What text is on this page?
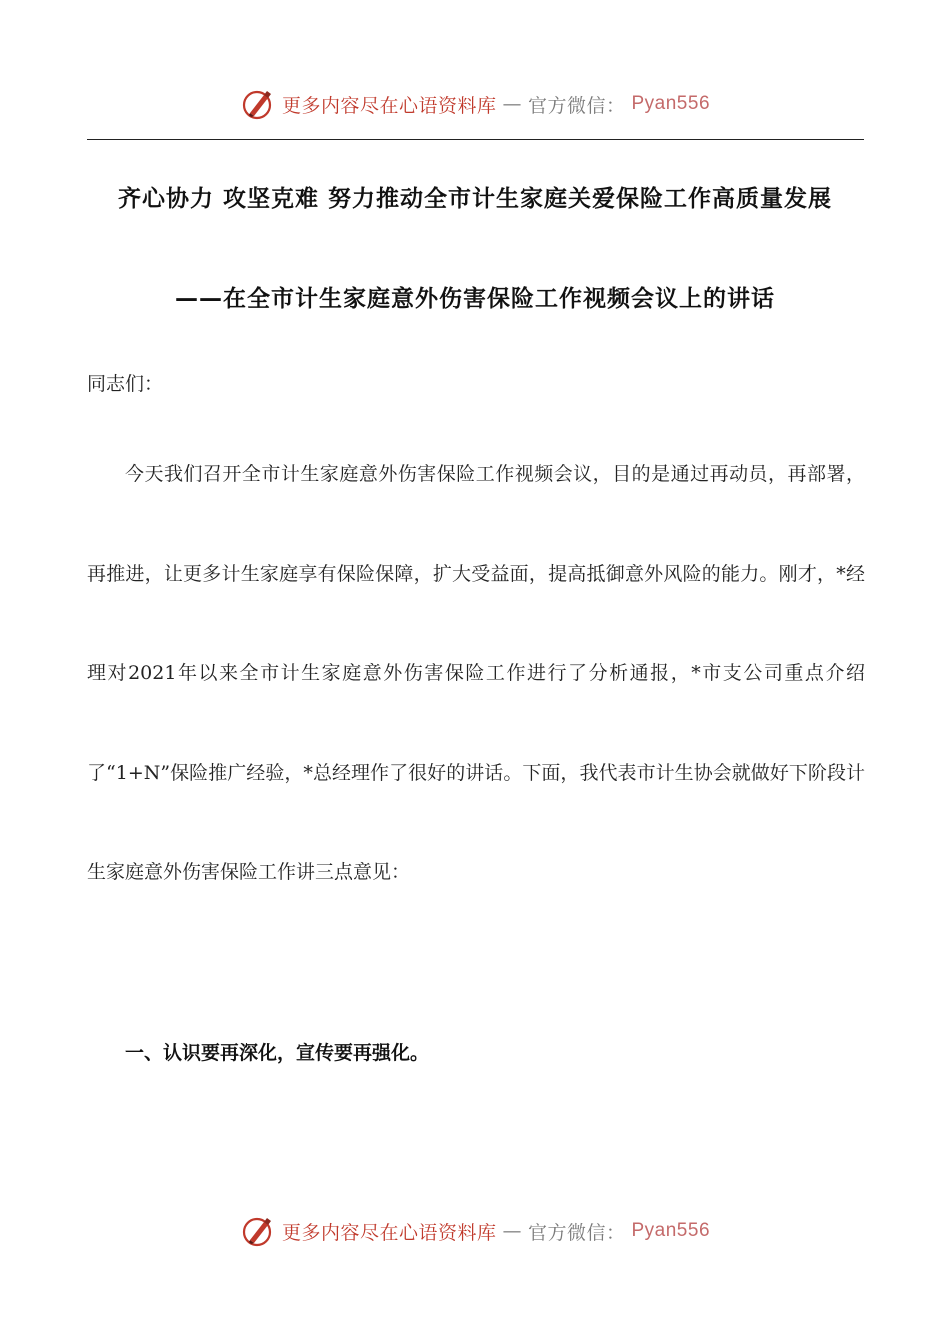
更多内容尽在心语资料库 — 官方微信： Pyan556
齐心协力 攻坚克难 努力推动全市计生家庭关爱保险工作高质量发展
——在全市计生家庭意外伤害保险工作视频会议上的讲话
同志们：
今天我们召开全市计生家庭意外伤害保险工作视频会议，目的是通过再动员，再部署，再推进，让更多计生家庭享有保险保障，扩大受益面，提高抵御意外风险的能力。刚才，*经理对2021年以来全市计生家庭意外伤害保险工作进行了分析通报，*市支公司重点介绍了“1+N”保险推广经验，*总经理作了很好的讲话。下面，我代表市计生协会就做好下阶段计生家庭意外伤害保险工作讲三点意见：
一、认识要再深化，宣传要再强化。
更多内容尽在心语资料库 — 官方微信： Pyan556
